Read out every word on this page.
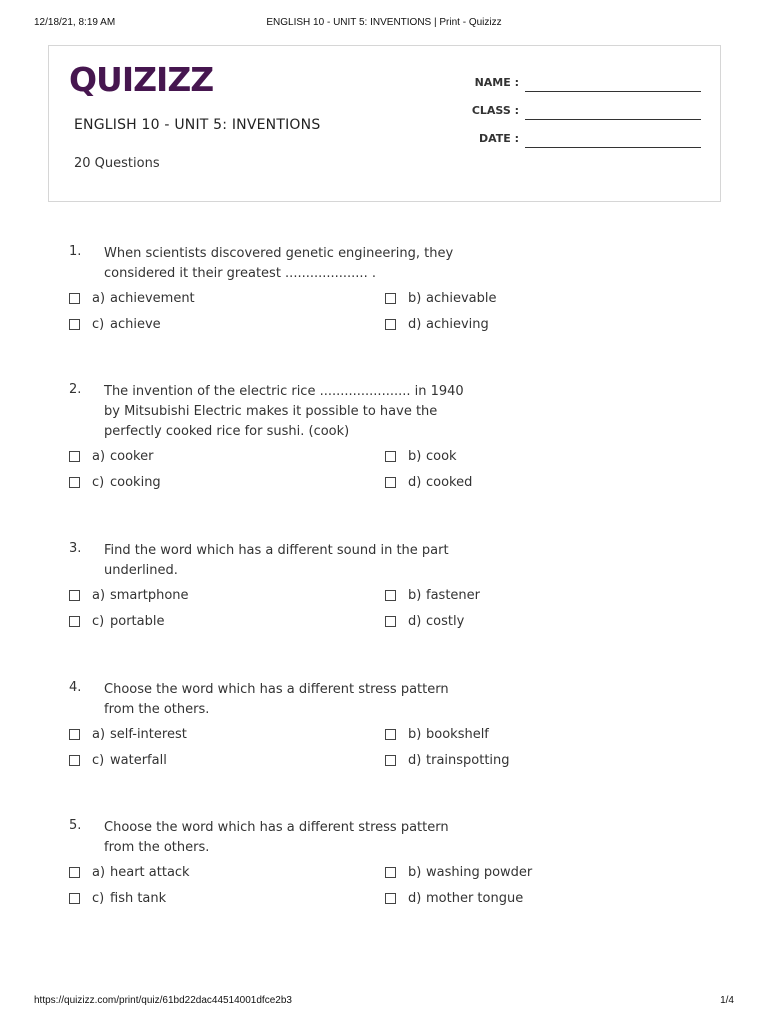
12/18/21, 8:19 AM	ENGLISH 10 - UNIT 5: INVENTIONS | Print - Quizizz
QUIZIZZ
ENGLISH 10 - UNIT 5: INVENTIONS
20 Questions
NAME :
CLASS :
DATE :
1. When scientists discovered genetic engineering, they considered it their greatest .................... .
a) achievement	b) achievable
c) achieve	d) achieving
2. The invention of the electric rice ...................... in 1940 by Mitsubishi Electric makes it possible to have the perfectly cooked rice for sushi. (cook)
a) cooker	b) cook
c) cooking	d) cooked
3. Find the word which has a different sound in the part underlined.
a) smartphone	b) fastener
c) portable	d) costly
4. Choose the word which has a different stress pattern from the others.
a) self-interest	b) bookshelf
c) waterfall	d) trainspotting
5. Choose the word which has a different stress pattern from the others.
a) heart attack	b) washing powder
c) fish tank	d) mother tongue
https://quizizz.com/print/quiz/61bd22dac44514001dfce2b3	1/4
